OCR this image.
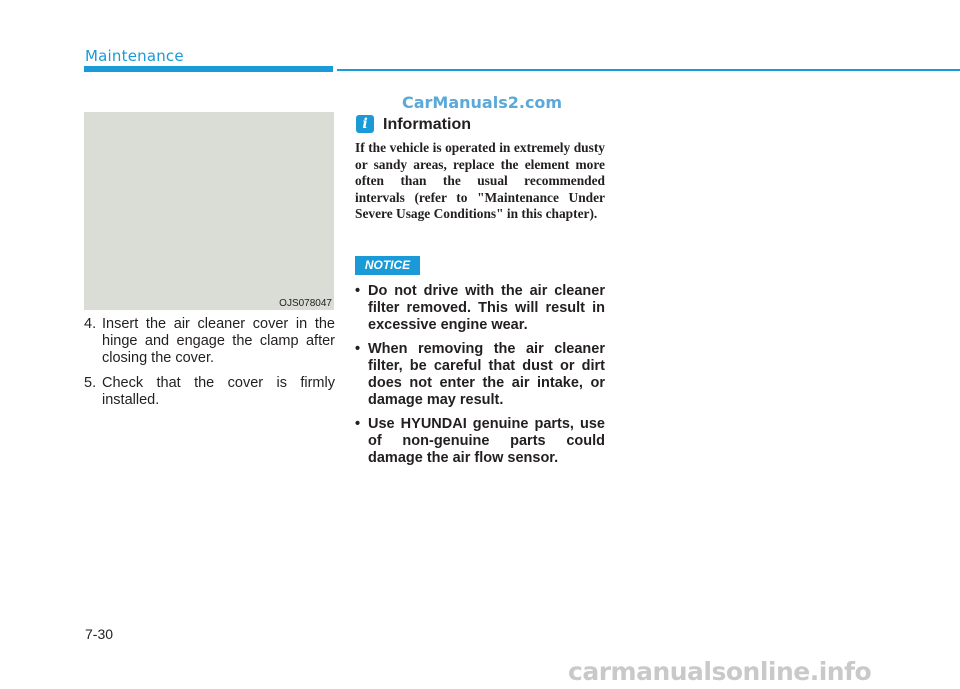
Maintenance
CarManuals2.com
OJS078047
4. Insert the air cleaner cover in the hinge and engage the clamp after closing the cover.
5. Check that the cover is firmly installed.
i Information
If the vehicle is operated in extremely dusty or sandy areas, replace the element more often than the usual recommended intervals (refer to "Maintenance Under Severe Usage Conditions" in this chapter).
NOTICE
• Do not drive with the air cleaner filter removed. This will result in excessive engine wear.
• When removing the air cleaner filter, be careful that dust or dirt does not enter the air intake, or damage may result.
• Use HYUNDAI genuine parts, use of non-genuine parts could damage the air flow sensor.
7-30
carmanualsonline.info
